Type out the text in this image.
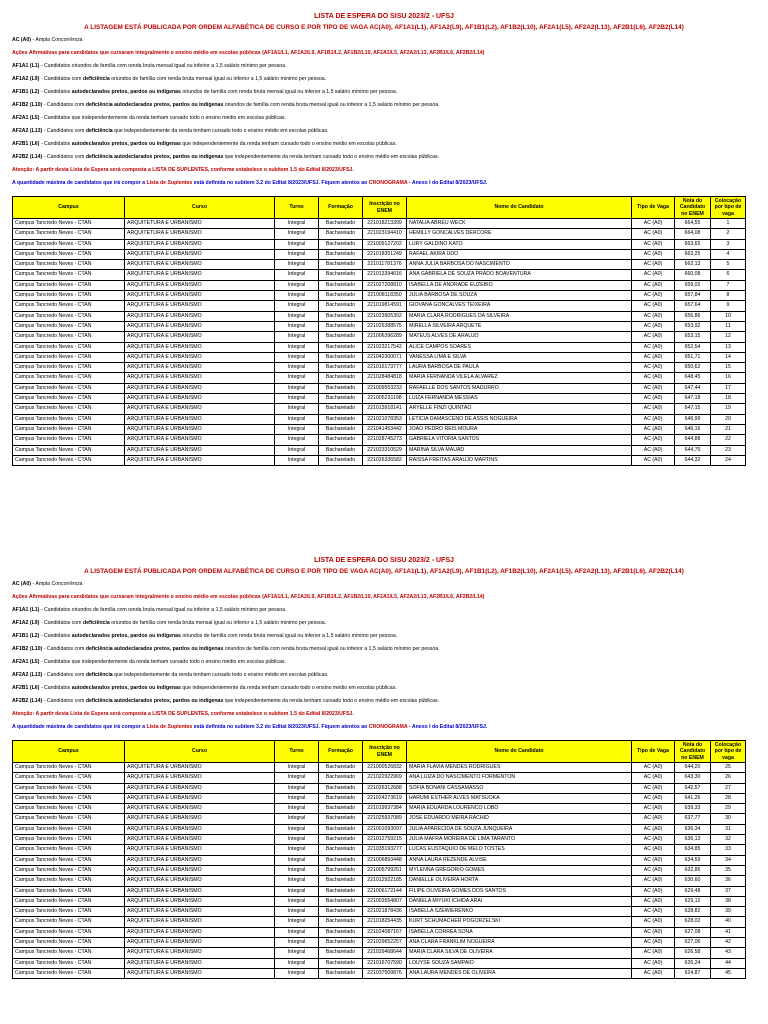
LISTA DE ESPERA DO SISU 2023/2 - UFSJ
A LISTAGEM ESTÁ PUBLICADA POR ORDEM ALFABÉTICA DE CURSO E POR TIPO DE VAGA AC(A0), AF1A1(L1), AF1A2(L9), AF1B1(L2), AF1B2(L10), AF2A1(L5), AF2A2(L13), AF2B1(L6), AF2B2(L14)
AC (A0) - Ampla Concorrência
Ações Afirmativas para candidatos que cursaram integralmente o ensino médio em escolas públicas (AF1A1/L1, AF1A2/L9, AF1B1/L2, AF1B2/L10, AF2A1/L5, AF2A2/L13, AF2B1/L6, AF2B2/L14)
AF1A1 (L1) - Candidatos oriundos de família com renda bruta mensal igual ou inferior a 1,5 salário mínimo per pessoa.
AF1A2 (L9) - Candidatos com deficiência oriundos de família com renda bruta mensal igual ou inferior a 1,5 salário mínimo per pessoa.
AF1B1 (L2) - Candidatos autodeclarados pretos, pardos ou indígenas oriundos de família com renda bruta mensal igual ou inferior a 1,5 salário mínimo per pessoa.
AF1B2 (L10) - Candidatos com deficiência autodeclarados pretos, pardos ou indígenas oriundos de família com renda bruta mensal igual ou inferior a 1,5 salário mínimo per pessoa.
AF2A1 (L5) - Candidatos que independentemente da renda tenham cursado todo o ensino médio em escolas públicas.
AF2A2 (L13) - Candidatos com deficiência que independentemente da renda tenham cursado todo o ensino médio em escolas públicas.
AF2B1 (L6) - Candidatos autodeclarados pretos, pardos ou indígenas que independentemente da renda tenham cursado todo o ensino médio em escolas públicas.
AF2B2 (L14) - Candidatos com deficiência autodeclarados pretos, pardos ou indígenas que independentemente da renda tenham cursado todo o ensino médio em escolas públicas.
Atenção: A partir desta Lista de Espera será composta a LISTA DE SUPLENTES, conforme estabelece o subitem 1.5 do Edital 8/2023/UFSJ.
A quantidade máxima de candidatos que irá compor a Lista de Suplentes está definida no subitem 3.2 do Edital 8/2023/UFSJ. Fiquem atentos ao CRONOGRAMA - Anexo I do Edital 8/2023/UFSJ.
Campus	Curso	Turno	Formação	Inscrição no ENEM	Nome do Candidato	Tipo de Vaga	Nota do Candidato no ENEM	Colocação por tipo de vaga
Campus Tancredo Neves - CTAN	ARQUITETURA E URBANISMO	Integral	Bacharelado	221018213399	NATALIA ABREU WECK	AC (A0)	664,55	1
Campus Tancredo Neves - CTAN	ARQUITETURA E URBANISMO	Integral	Bacharelado	221023194410	HEMILLY GONCALVES DERCORE	AC (A0)	664,08	2
Campus Tancredo Neves - CTAN	ARQUITETURA E URBANISMO	Integral	Bacharelado	221009127202	LURY GALDINO KATO	AC (A0)	663,65	3
Campus Tancredo Neves - CTAN	ARQUITETURA E URBANISMO	Integral	Bacharelado	221018351249	RAFAEL AKIRA UDO	AC (A0)	663,25	4
Campus Tancredo Neves - CTAN	ARQUITETURA E URBANISMO	Integral	Bacharelado	221011781376	ANNA JULIA BARBOSA DO NASCIMENTO	AC (A0)	662,13	5
Campus Tancredo Neves - CTAN	ARQUITETURA E URBANISMO	Integral	Bacharelado	221013394616	ANA GABRIELA DE SOUZA PRADO BOAVENTURA	AC (A0)	660,08	6
Campus Tancredo Neves - CTAN	ARQUITETURA E URBANISMO	Integral	Bacharelado	221027208810	ISABELLA DE ANDRADE EUZEBIO	AC (A0)	659,02	7
Campus Tancredo Neves - CTAN	ARQUITETURA E URBANISMO	Integral	Bacharelado	221008118350	JULIA BARBOSA DE SOUZA	AC (A0)	657,84	8
Campus Tancredo Neves - CTAN	ARQUITETURA E URBANISMO	Integral	Bacharelado	221019814591	GIOVANA GONCALVES TEIXEIRA	AC (A0)	657,64	9
Campus Tancredo Neves - CTAN	ARQUITETURA E URBANISMO	Integral	Bacharelado	221023905302	MARIA CLARA RODRIGUES DA SILVEIRA	AC (A0)	656,86	10
Campus Tancredo Neves - CTAN	ARQUITETURA E URBANISMO	Integral	Bacharelado	221026388575	MIRELLA SILVEIRA ARQUETE	AC (A0)	653,92	11
Campus Tancredo Neves - CTAN	ARQUITETURA E URBANISMO	Integral	Bacharelado	221006396289	MATEUS ALVES DE ARAUJO	AC (A0)	653,15	12
Campus Tancredo Neves - CTAN	ARQUITETURA E URBANISMO	Integral	Bacharelado	221023217542	ALICE CAMPOS SOARES	AC (A0)	652,54	13
Campus Tancredo Neves - CTAN	ARQUITETURA E URBANISMO	Integral	Bacharelado	221042300071	VANESSA LIMA E SILVA	AC (A0)	651,71	14
Campus Tancredo Neves - CTAN	ARQUITETURA E URBANISMO	Integral	Bacharelado	221016173777	LAURA BARBOSA DE PAULA	AC (A0)	650,62	15
Campus Tancredo Neves - CTAN	ARQUITETURA E URBANISMO	Integral	Bacharelado	221028484818	MARIA FERNANDA VILELA ALVAREZ	AC (A0)	648,45	16
Campus Tancredo Neves - CTAN	ARQUITETURA E URBANISMO	Integral	Bacharelado	221009553233	RAFAELLE DOS SANTOS MADURRO	AC (A0)	647,44	17
Campus Tancredo Neves - CTAN	ARQUITETURA E URBANISMO	Integral	Bacharelado	221005231198	LUIZA FERNANDA MESSIAS	AC (A0)	647,18	18
Campus Tancredo Neves - CTAN	ARQUITETURA E URBANISMO	Integral	Bacharelado	221013918141	ARYELLE FINZI QUINTAO	AC (A0)	647,15	19
Campus Tancredo Neves - CTAN	ARQUITETURA E URBANISMO	Integral	Bacharelado	221021078353	LETICIA DAMASCENO DE ASSIS NOGUEIRA	AC (A0)	646,99	20
Campus Tancredo Neves - CTAN	ARQUITETURA E URBANISMO	Integral	Bacharelado	221041453442	JOAO PEDRO REIS MOURA	AC (A0)	646,16	21
Campus Tancredo Neves - CTAN	ARQUITETURA E URBANISMO	Integral	Bacharelado	221028745273	GABRIELA VITORIA SANTOS	AC (A0)	644,88	22
Campus Tancredo Neves - CTAN	ARQUITETURA E URBANISMO	Integral	Bacharelado	221023310529	MARINA SILVA MAUAD	AC (A0)	644,75	23
Campus Tancredo Neves - CTAN	ARQUITETURA E URBANISMO	Integral	Bacharelado	221026336582	RAISSA FREITAS ARAUJO MARTINS	AC (A0)	644,32	24
LISTA DE ESPERA DO SISU 2023/2 - UFSJ
A LISTAGEM ESTÁ PUBLICADA POR ORDEM ALFABÉTICA DE CURSO E POR TIPO DE VAGA AC(A0), AF1A1(L1), AF1A2(L9), AF1B1(L2), AF1B2(L10), AF2A1(L5), AF2A2(L13), AF2B1(L6), AF2B2(L14)
AC (A0) - Ampla Concorrência
Ações Afirmativas para candidatos que cursaram integralmente o ensino médio em escolas públicas (AF1A1/L1, AF1A2/L9, AF1B1/L2, AF1B2/L10, AF2A1/L5, AF2A2/L13, AF2B1/L6, AF2B2/L14)
AF1A1 (L1) - Candidatos oriundos de família com renda bruta mensal igual ou inferior a 1,5 salário mínimo per pessoa.
AF1A2 (L9) - Candidatos com deficiência oriundos de família com renda bruta mensal igual ou inferior a 1,5 salário mínimo per pessoa.
AF1B1 (L2) - Candidatos autodeclarados pretos, pardos ou indígenas oriundos de família com renda bruta mensal igual ou inferior a 1,5 salário mínimo per pessoa.
AF1B2 (L10) - Candidatos com deficiência autodeclarados pretos, pardos ou indígenas oriundos de família com renda bruta mensal igual ou inferior a 1,5 salário mínimo per pessoa.
AF2A1 (L5) - Candidatos que independentemente da renda tenham cursado todo o ensino médio em escolas públicas.
AF2A2 (L13) - Candidatos com deficiência que independentemente da renda tenham cursado todo o ensino médio em escolas públicas.
AF2B1 (L6) - Candidatos autodeclarados pretos, pardos ou indígenas que independentemente da renda tenham cursado todo o ensino médio em escolas públicas.
AF2B2 (L14) - Candidatos com deficiência autodeclarados pretos, pardos ou indígenas que independentemente da renda tenham cursado todo o ensino médio em escolas públicas.
Atenção: A partir desta Lista de Espera será composta a LISTA DE SUPLENTES, conforme estabelece o subitem 1.5 do Edital 8/2023/UFSJ.
A quantidade máxima de candidatos que irá compor a Lista de Suplentes está definida no subitem 3.2 do Edital 8/2023/UFSJ. Fiquem atentos ao CRONOGRAMA - Anexo I do Edital 8/2023/UFSJ.
Campus	Curso	Turno	Formação	Inscrição no ENEM	Nome do Candidato	Tipo de Vaga	Nota do Candidato no ENEM	Colocação por tipo de vaga
Campus Tancredo Neves - CTAN	ARQUITETURA E URBANISMO	Integral	Bacharelado	221000526832	MARIA FLAVIA MENDES RODRIGUES	AC (A0)	644,20	25
Campus Tancredo Neves - CTAN	ARQUITETURA E URBANISMO	Integral	Bacharelado	221022922969	ANA LUIZA DO NASCIMENTO FORMENTON	AC (A0)	643,30	26
Campus Tancredo Neves - CTAN	ARQUITETURA E URBANISMO	Integral	Bacharelado	221026312688	SOFIA BONANI CASSAMASSO	AC (A0)	642,57	27
Campus Tancredo Neves - CTAN	ARQUITETURA E URBANISMO	Integral	Bacharelado	221024273619	HARUMI ESTHER ALVES MATSUOKA	AC (A0)	641,26	28
Campus Tancredo Neves - CTAN	ARQUITETURA E URBANISMO	Integral	Bacharelado	221019937384	MARIA EDUARDA LOURENCO LOBO	AC (A0)	639,33	29
Campus Tancredo Neves - CTAN	ARQUITETURA E URBANISMO	Integral	Bacharelado	221025937089	JOSE EDUARDO MEIRA RACHID	AC (A0)	637,77	30
Campus Tancredo Neves - CTAN	ARQUITETURA E URBANISMO	Integral	Bacharelado	221001093097	JULIA APARECIDA DE SOUZA JUNQUEIRA	AC (A0)	636,34	31
Campus Tancredo Neves - CTAN	ARQUITETURA E URBANISMO	Integral	Bacharelado	221012759215	JULIA MAFRA MOREIRA DE LIMA TARANTO	AC (A0)	636,13	32
Campus Tancredo Neves - CTAN	ARQUITETURA E URBANISMO	Integral	Bacharelado	221035193277	LUCAS EUSTAQUIO DE MELO TOSTES	AC (A0)	634,85	33
Campus Tancredo Neves - CTAN	ARQUITETURA E URBANISMO	Integral	Bacharelado	221006893448	ANNA LAURA REZENDE ALVISE	AC (A0)	634,59	34
Campus Tancredo Neves - CTAN	ARQUITETURA E URBANISMO	Integral	Bacharelado	221005799251	MYLENNA GREGORIO GOMES	AC (A0)	632,86	35
Campus Tancredo Neves - CTAN	ARQUITETURA E URBANISMO	Integral	Bacharelado	221012922185	DANIELLE OLIVEIRA HORTA	AC (A0)	630,60	36
Campus Tancredo Neves - CTAN	ARQUITETURA E URBANISMO	Integral	Bacharelado	221006172144	FILIPE OLIVEIRA GOMES DOS SANTOS	AC (A0)	629,48	37
Campus Tancredo Neves - CTAN	ARQUITETURA E URBANISMO	Integral	Bacharelado	221003554807	DANIELA MIYUKI ICHIDA ARAI	AC (A0)	629,12	38
Campus Tancredo Neves - CTAN	ARQUITETURA E URBANISMO	Integral	Bacharelado	221021878436	ISABELLA SZEWIERENKO	AC (A0)	628,82	39
Campus Tancredo Neves - CTAN	ARQUITETURA E URBANISMO	Integral	Bacharelado	221018254435	KURT SCHUMACHER POGORZELSKI	AC (A0)	628,02	40
Campus Tancredo Neves - CTAN	ARQUITETURA E URBANISMO	Integral	Bacharelado	221024087167	ISABELLA CORREA SONA	AC (A0)	627,08	41
Campus Tancredo Neves - CTAN	ARQUITETURA E URBANISMO	Integral	Bacharelado	221029652257	ANA CLARA FRANKLIM NOGUEIRA	AC (A0)	627,06	42
Campus Tancredo Neves - CTAN	ARQUITETURA E URBANISMO	Integral	Bacharelado	221029468644	MARIA CLARA SILVA DE OLIVEIRA	AC (A0)	626,58	43
Campus Tancredo Neves - CTAN	ARQUITETURA E URBANISMO	Integral	Bacharelado	221016707590	LOUYSE SOUZA SAMPAIO	AC (A0)	626,24	44
Campus Tancredo Neves - CTAN	ARQUITETURA E URBANISMO	Integral	Bacharelado	221037509876	ANA LAURA MENDES DE OLIVEIRA	AC (A0)	624,87	45
